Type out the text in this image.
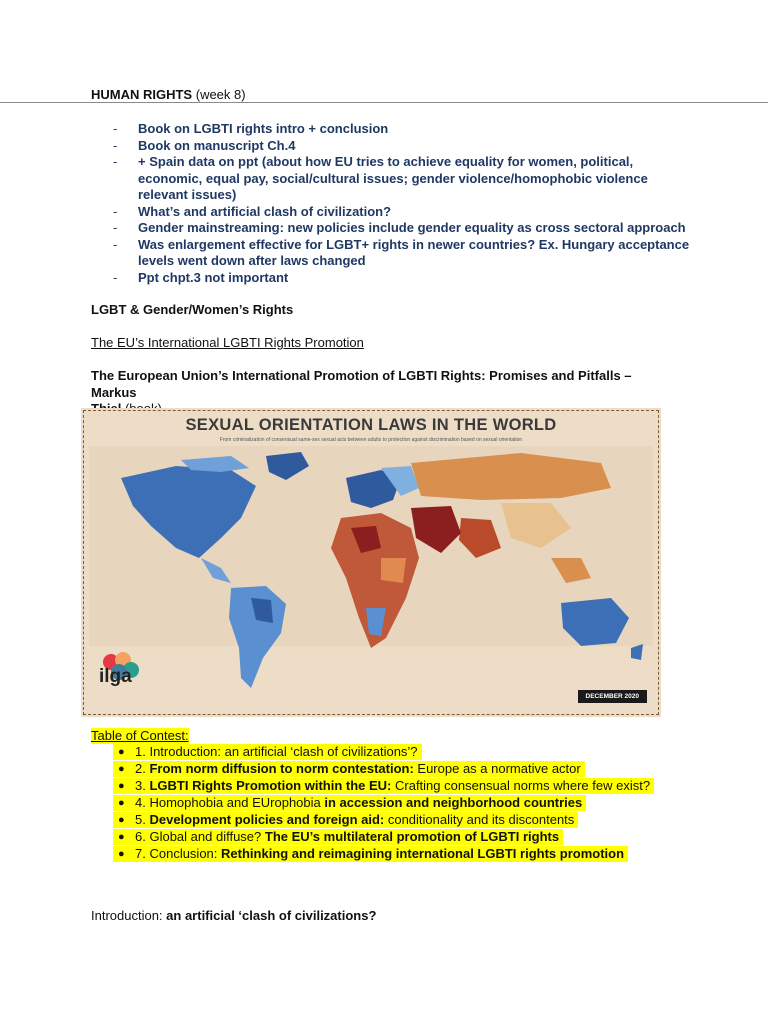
HUMAN RIGHTS (week 8)
- Book on LGBTI rights intro + conclusion
- Book on manuscript Ch.4
- + Spain data on ppt (about how EU tries to achieve equality for women, political, economic, equal pay, social/cultural issues; gender violence/homophobic violence relevant issues)
- What’s and artificial clash of civilization?
- Gender mainstreaming: new policies include gender equality as cross sectoral approach
- Was enlargement effective for LGBT+ rights in newer countries? Ex. Hungary acceptance levels went down after laws changed
- Ppt chpt.3 not important
LGBT & Gender/Women’s Rights
The EU’s International LGBTI Rights Promotion
The European Union’s International Promotion of LGBTI Rights: Promises and Pitfalls – Markus

SEXUAL ORIENTATION LAWS IN THE WORLD
From criminalization of consensual same-sex sexual acts between adults to protection against discrimination based on sexual orientation
ilga
DECEMBER 2020
Table of Contest:
● 1. Introduction: an artificial ‘clash of civilizations’?
● 2. From norm diffusion to norm contestation: Europe as a normative actor
● 3. LGBTI Rights Promotion within the EU: Crafting consensual norms where few exist?
● 4. Homophobia and EUrophobia in accession and neighborhood countries
● 5. Development policies and foreign aid: conditionality and its discontents
● 6. Global and diffuse? The EU’s multilateral promotion of LGBTI rights
● 7. Conclusion: Rethinking and reimagining international LGBTI rights promotion
Introduction: an artificial ‘clash of civilizations?
